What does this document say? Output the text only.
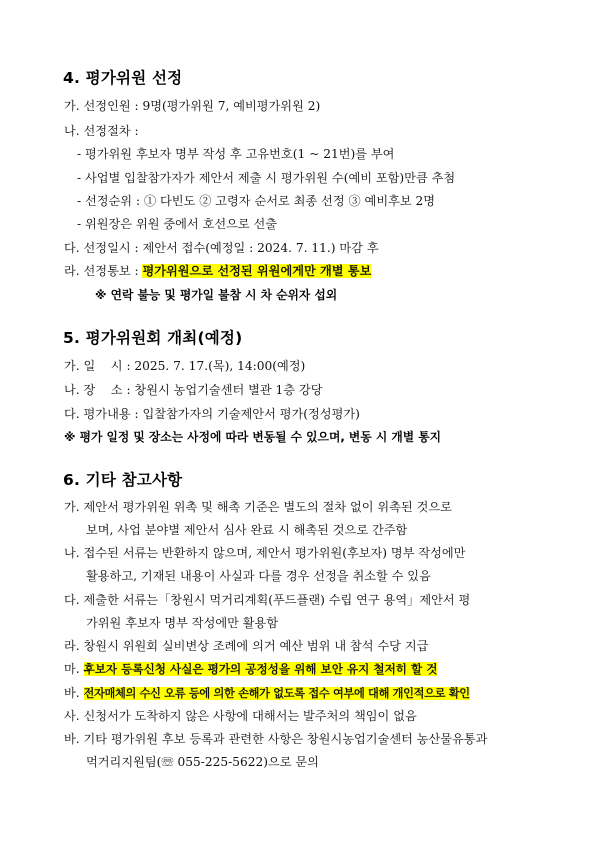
4. 평가위원 선정
가. 선정인원 : 9명(평가위원 7, 예비평가위원 2)
나. 선정절차 :
- 평가위원 후보자 명부 작성 후 고유번호(1 ~ 21번)를 부여
- 사업별 입찰참가자가 제안서 제출 시 평가위원 수(예비 포함)만큼 추첨
- 선정순위 : ① 다빈도 ② 고령자 순서로 최종 선정 ③ 예비후보 2명
- 위원장은 위원 중에서 호선으로 선출
다. 선정일시 : 제안서 접수(예정일 : 2024. 7. 11.) 마감 후
라. 선정통보 : 평가위원으로 선정된 위원에게만 개별 통보
※ 연락 불능 및 평가일 불참 시 차 순위자 섭외
5. 평가위원회 개최(예정)
가. 일    시 : 2025. 7. 17.(목), 14:00(예정)
나. 장    소 : 창원시 농업기술센터 별관 1층 강당
다. 평가내용 : 입찰참가자의 기술제안서 평가(정성평가)
※ 평가 일정 및 장소는 사정에 따라 변동될 수 있으며, 변동 시 개별 통지
6. 기타 참고사항
가. 제안서 평가위원 위촉 및 해촉 기준은 별도의 절차 없이 위촉된 것으로
보며, 사업 분야별 제안서 심사 완료 시 해촉된 것으로 간주함
나. 접수된 서류는 반환하지 않으며, 제안서 평가위원(후보자) 명부 작성에만
활용하고, 기재된 내용이 사실과 다를 경우 선정을 취소할 수 있음
다. 제출한 서류는「창원시 먹거리계획(푸드플랜) 수립 연구 용역」제안서 평
가위원 후보자 명부 작성에만 활용함
라. 창원시 위원회 실비변상 조례에 의거 예산 범위 내 참석 수당 지급
마. 후보자 등록신청 사실은 평가의 공정성을 위해 보안 유지 철저히 할 것
바. 전자매체의 수신 오류 등에 의한 손해가 없도록 접수 여부에 대해 개인적으로 확인
사. 신청서가 도착하지 않은 사항에 대해서는 발주처의 책임이 없음
바. 기타 평가위원 후보 등록과 관련한 사항은 창원시농업기술센터 농산물유통과
먹거리지원팀(☏ 055-225-5622)으로 문의
